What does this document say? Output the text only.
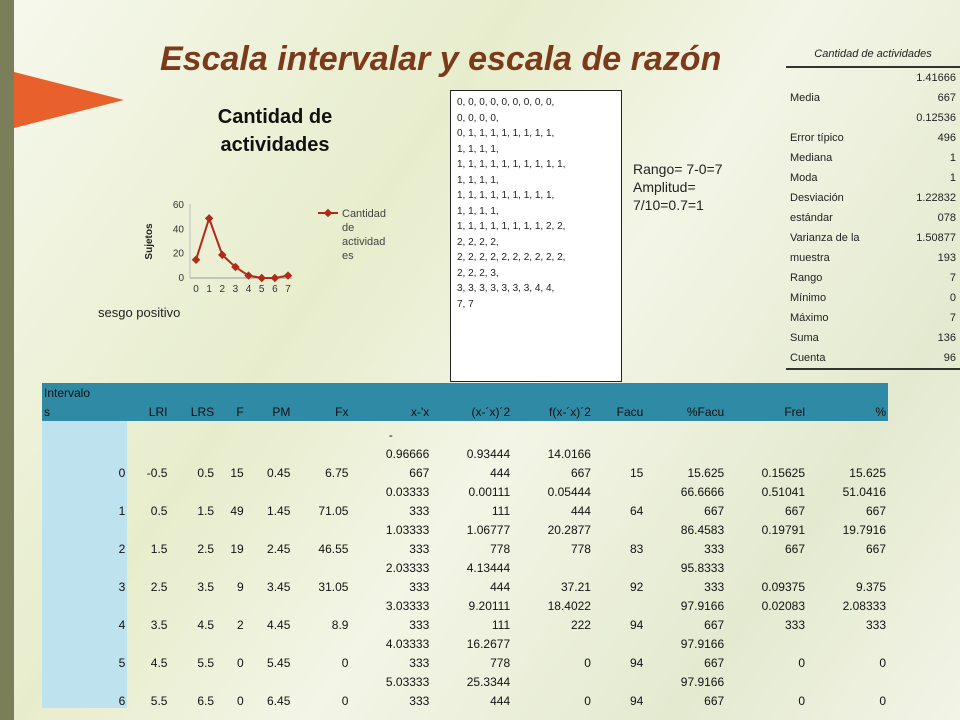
Escala intervalar y escala de razón
Cantidad de actividades
0
20
40
60
0 1 2 3 4 5 6 7
Sujetos
Cantidad
de
actividad
es
sesgo positivo
0, 0, 0, 0, 0, 0, 0, 0, 0,
0, 0, 0, 0,
0, 1, 1, 1, 1, 1, 1, 1, 1,
1, 1, 1, 1,
1, 1, 1, 1, 1, 1, 1, 1, 1, 1,
1, 1, 1, 1,
1, 1, 1, 1, 1, 1, 1, 1, 1,
1, 1, 1, 1,
1, 1, 1, 1, 1, 1, 1, 1, 2, 2,
2, 2, 2, 2,
2, 2, 2, 2, 2, 2, 2, 2, 2, 2,
2, 2, 2, 3,
3, 3, 3, 3, 3, 3, 3, 4, 4,
7, 7
Rango= 7-0=7
Amplitud=
7/10=0.7=1
Cantidad de actividades
	1.41666
Media	667
	0.12536
Error típico	496
Mediana	1
Moda	1
Desviación	1.22832
estándar	078
Varianza de la	1.50877
muestra	193
Rango	7
Mínimo	0
Máximo	7
Suma	136
Cuenta	96
Intervalo												
s	LRI	LRS	F	PM	Fx	x-'x	(x-´x)´2	f(x-´x)´2	Facu	%Facu	Frel	%
						-						
						0.96666	0.93444	14.0166				
0	-0.5	0.5	15	0.45	6.75	667	444	667	15	15.625	0.15625	15.625
						0.03333	0.00111	0.05444		66.6666	0.51041	51.0416
1	0.5	1.5	49	1.45	71.05	333	111	444	64	667	667	667
						1.03333	1.06777	20.2877		86.4583	0.19791	19.7916
2	1.5	2.5	19	2.45	46.55	333	778	778	83	333	667	667
						2.03333	4.13444			95.8333		
3	2.5	3.5	9	3.45	31.05	333	444	37.21	92	333	0.09375	9.375
						3.03333	9.20111	18.4022		97.9166	0.02083	2.08333
4	3.5	4.5	2	4.45	8.9	333	111	222	94	667	333	333
						4.03333	16.2677			97.9166		
5	4.5	5.5	0	5.45	0	333	778	0	94	667	0	0
						5.03333	25.3344			97.9166		
6	5.5	6.5	0	6.45	0	333	444	0	94	667	0	0
